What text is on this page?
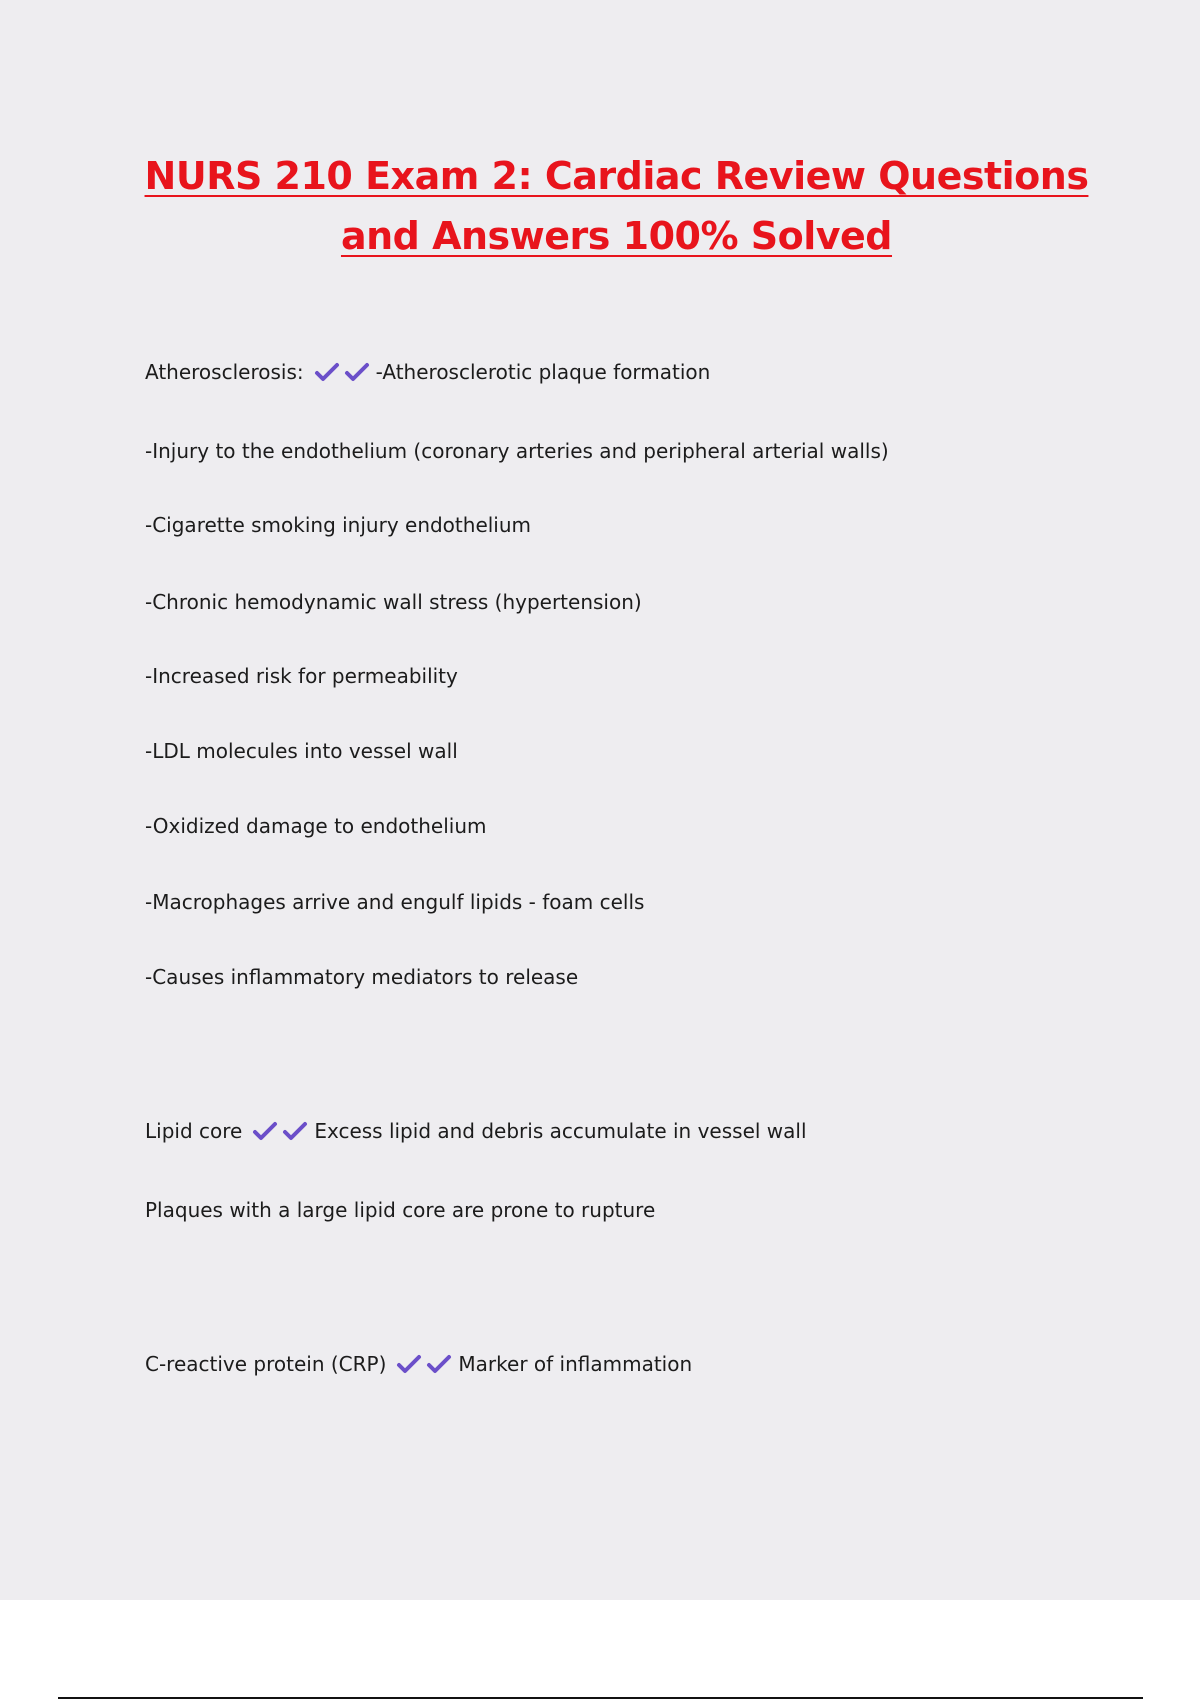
NURS 210 Exam 2: Cardiac Review Questions
and Answers 100% Solved

Atherosclerosis:	-Atherosclerotic plaque formation

-Injury to the endothelium (coronary arteries and peripheral arterial walls)

-Cigarette smoking injury endothelium

-Chronic hemodynamic wall stress (hypertension)

-Increased risk for permeability

-LDL molecules into vessel wall

-Oxidized damage to endothelium

-Macrophages arrive and engulf lipids - foam cells

-Causes inflammatory mediators to release

Lipid core	Excess lipid and debris accumulate in vessel wall

Plaques with a large lipid core are prone to rupture

C-reactive protein (CRP)	Marker of inflammation
